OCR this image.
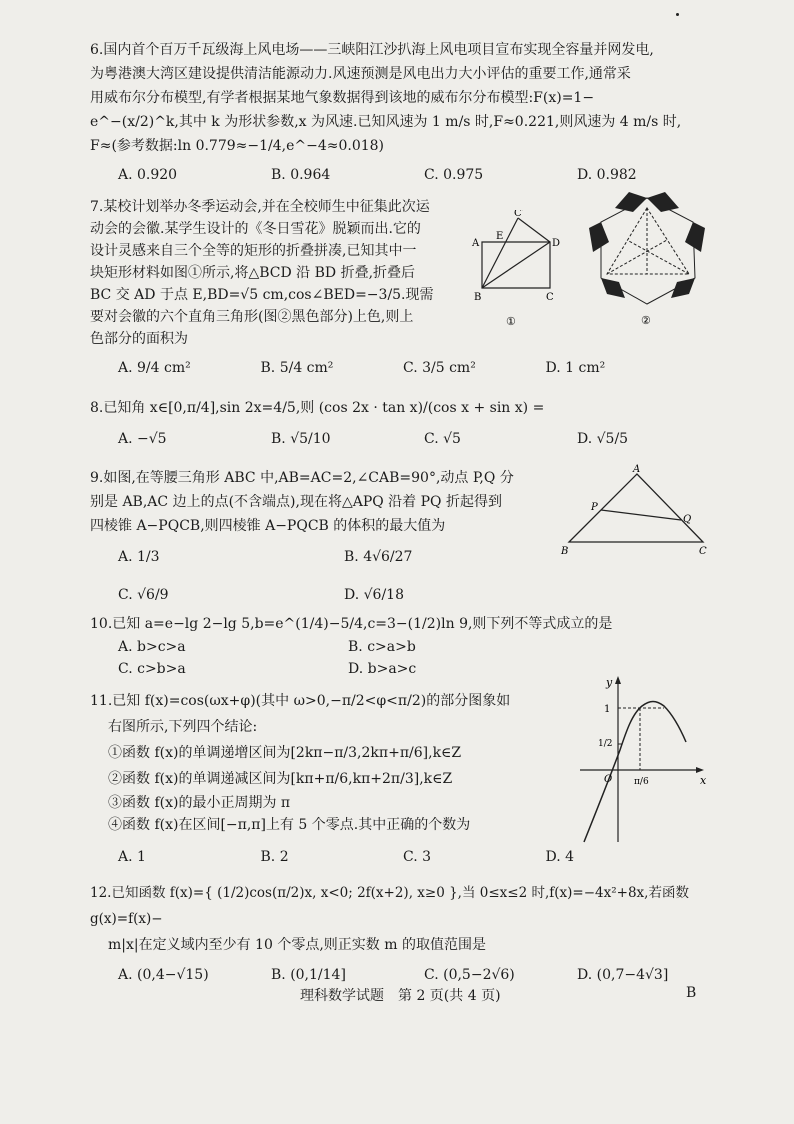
6.国内首个百万千瓦级海上风电场——三峡阳江沙扒海上风电项目宣布实现全容量并网发电,

为粤港澳大湾区建设提供清洁能源动力.风速预测是风电出力大小评估的重要工作,通常采

用威布尔分布模型,有学者根据某地气象数据得到该地的威布尔分布模型:F(x)=1−

e^−(x/2)^k,其中 k 为形状参数,x 为风速.已知风速为 1 m/s 时,F≈0.221,则风速为 4 m/s 时,

F≈(参考数据:ln 0.779≈−1/4,e^−4≈0.018)

A. 0.920	B. 0.964	C. 0.975	D. 0.982

7.某校计划举办冬季运动会,并在全校师生中征集此次运

动会的会徽.某学生设计的《冬日雪花》脱颖而出.它的

设计灵感来自三个全等的矩形的折叠拼凑,已知其中一

块矩形材料如图①所示,将△BCD 沿 BD 折叠,折叠后

BC 交 AD 于点 E,BD=√5 cm,cos∠BED=−3/5.现需

要对会徽的六个直角三角形(图②黑色部分)上色,则上

色部分的面积为

A. 9/4 cm²	B. 5/4 cm²	C. 3/5 cm²	D. 1 cm²
A
E
C′
D
B	C
①	②

8.已知角 x∈[0,π/4],sin 2x=4/5,则 (cos 2x · tan x)/(cos x + sin x) =

A. −√5	B. √5/10	C. √5	D. √5/5

9.如图,在等腰三角形 ABC 中,AB=AC=2,∠CAB=90°,动点 P,Q 分

别是 AB,AC 边上的点(不含端点),现在将△APQ 沿着 PQ 折起得到

四棱锥 A−PQCB,则四棱锥 A−PQCB 的体积的最大值为

A. 1/3	B. 4√6/27
C. √6/9	D. √6/18
A
P
Q
B	C

10.已知 a=e−lg 2−lg 5,b=e^(1/4)−5/4,c=3−(1/2)ln 9,则下列不等式成立的是

A. b>c>a	B. c>a>b
C. c>b>a	D. b>a>c

11.已知 f(x)=cos(ωx+φ)(其中 ω>0,−π/2<φ<π/2)的部分图象如

右图所示,下列四个结论:

①函数 f(x)的单调递增区间为[2kπ−π/3,2kπ+π/6],k∈Z

②函数 f(x)的单调递减区间为[kπ+π/6,kπ+2π/3],k∈Z

③函数 f(x)的最小正周期为 π

④函数 f(x)在区间[−π,π]上有 5 个零点.其中正确的个数为

A. 1	B. 2	C. 3	D. 4
y
1
1/2
O π/6	x

12.已知函数 f(x)={ (1/2)cos(π/2)x, x<0; 2f(x+2), x≥0 },当 0≤x≤2 时,f(x)=−4x²+8x,若函数 g(x)=f(x)−

m|x|在定义域内至少有 10 个零点,则正实数 m 的取值范围是

A. (0,4−√15)	B. (0,1/14]	C. (0,5−2√6)	D. (0,7−4√3]
理科数学试题　第 2 页(共 4 页)	B
